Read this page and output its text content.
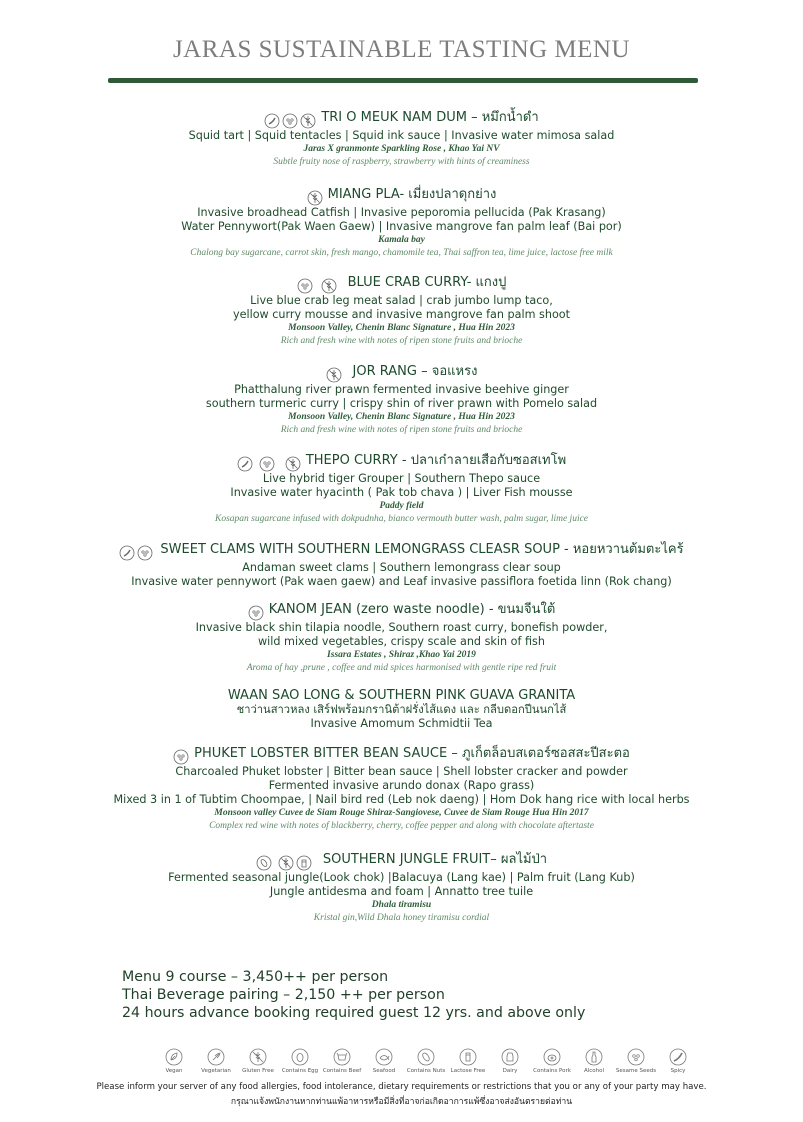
JARAS SUSTAINABLE TASTING MENU
TRI O MEUK NAM DUM – หมึกน้ำดำ
Squid tart | Squid tentacles | Squid ink sauce | Invasive water mimosa salad
Jaras X granmonte Sparkling Rose , Khao Yai NV
Subtle fruity nose of raspberry, strawberry with hints of creaminess
MIANG PLA- เมี่ยงปลาดุกย่าง
Invasive broadhead Catfish | Invasive peporomia pellucida (Pak Krasang)
Water Pennywort(Pak Waen Gaew) | Invasive mangrove fan palm leaf (Bai por)
Kamala bay
Chalong bay sugarcane, carrot skin, fresh mango, chamomile tea, Thai saffron tea, lime juice, lactose free milk
BLUE CRAB CURRY- แกงปู
Live blue crab leg meat salad | crab jumbo lump taco,
yellow curry mousse and invasive mangrove fan palm shoot
Monsoon Valley, Chenin Blanc Signature , Hua Hin 2023
Rich and fresh wine with notes of ripen stone fruits and brioche
JOR RANG – จอแหรง
Phatthalung river prawn fermented invasive beehive ginger
southern turmeric curry | crispy shin of river prawn with Pomelo salad
Monsoon Valley, Chenin Blanc Signature , Hua Hin 2023
Rich and fresh wine with notes of ripen stone fruits and brioche
THEPO CURRY - ปลาเก๋าลายเสือกับซอสเทโพ
Live hybrid tiger Grouper | Southern Thepo sauce
Invasive water hyacinth ( Pak tob chava ) | Liver Fish mousse
Paddy field
Kosapan sugarcane infused with dokpudnha, bianco vermouth butter wash, palm sugar, lime juice
SWEET CLAMS WITH SOUTHERN LEMONGRASS CLEASR SOUP - หอยหวานต้มตะไคร้
Andaman sweet clams | Southern lemongrass clear soup
Invasive water pennywort (Pak waen gaew) and Leaf invasive passiflora foetida linn (Rok chang)
KANOM JEAN (zero waste noodle) - ขนมจีนใต้
Invasive black shin tilapia noodle, Southern roast curry, bonefish powder,
wild mixed vegetables, crispy scale and skin of fish
Issara Estates , Shiraz ,Khao Yai 2019
Aroma of hay ,prune , coffee and mid spices harmonised with gentle ripe red fruit
WAAN SAO LONG & SOUTHERN PINK GUAVA GRANITA
ชาว่านสาวหลง เสิร์ฟพร้อมกรานิต้าฝรั่งไส้แดง และ กลีบดอกปีนนกไส้
Invasive Amomum Schmidtii Tea
PHUKET LOBSTER BITTER BEAN SAUCE – ภูเก็ตล็อบสเตอร์ซอสสะปีสะตอ
Charcoaled Phuket lobster | Bitter bean sauce | Shell lobster cracker and powder
Fermented invasive arundo donax (Rapo grass)
Mixed 3 in 1 of Tubtim Choompae, | Nail bird red (Leb nok daeng) | Hom Dok hang rice with local herbs
Monsoon valley Cuvee de Siam Rouge Shiraz-Sangiovese, Cuvee de Siam Rouge Hua Hin 2017
Complex red wine with notes of blackberry, cherry, coffee pepper and along with chocolate aftertaste
SOUTHERN JUNGLE FRUIT– ผลไม้ป่า
Fermented seasonal jungle(Look chok) |Balacuya (Lang kae) | Palm fruit (Lang Kub)
Jungle antidesma and foam | Annatto tree tuile
Dhala tiramisu
Kristal gin,Wild Dhala honey tiramisu cordial
Menu 9 course – 3,450++ per person
Thai Beverage pairing – 2,150 ++ per person
24 hours advance booking required guest 12 yrs. and above only
Vegan	Vegetarian	Gluten Free	Contains Egg Contains Beef	Seafood	Contains Nuts Lactose Free	Dairy	Contains Pork	Alcohol	Sesame Seeds	Spicy
Please inform your server of any food allergies, food intolerance, dietary requirements or restrictions that you or any of your party may have.
กรุณาแจ้งพนักงานหากท่านแพ้อาหารหรือมีสิ่งที่อาจก่อเกิดอาการแพ้ซึ่งอาจส่งอันตรายต่อท่าน
